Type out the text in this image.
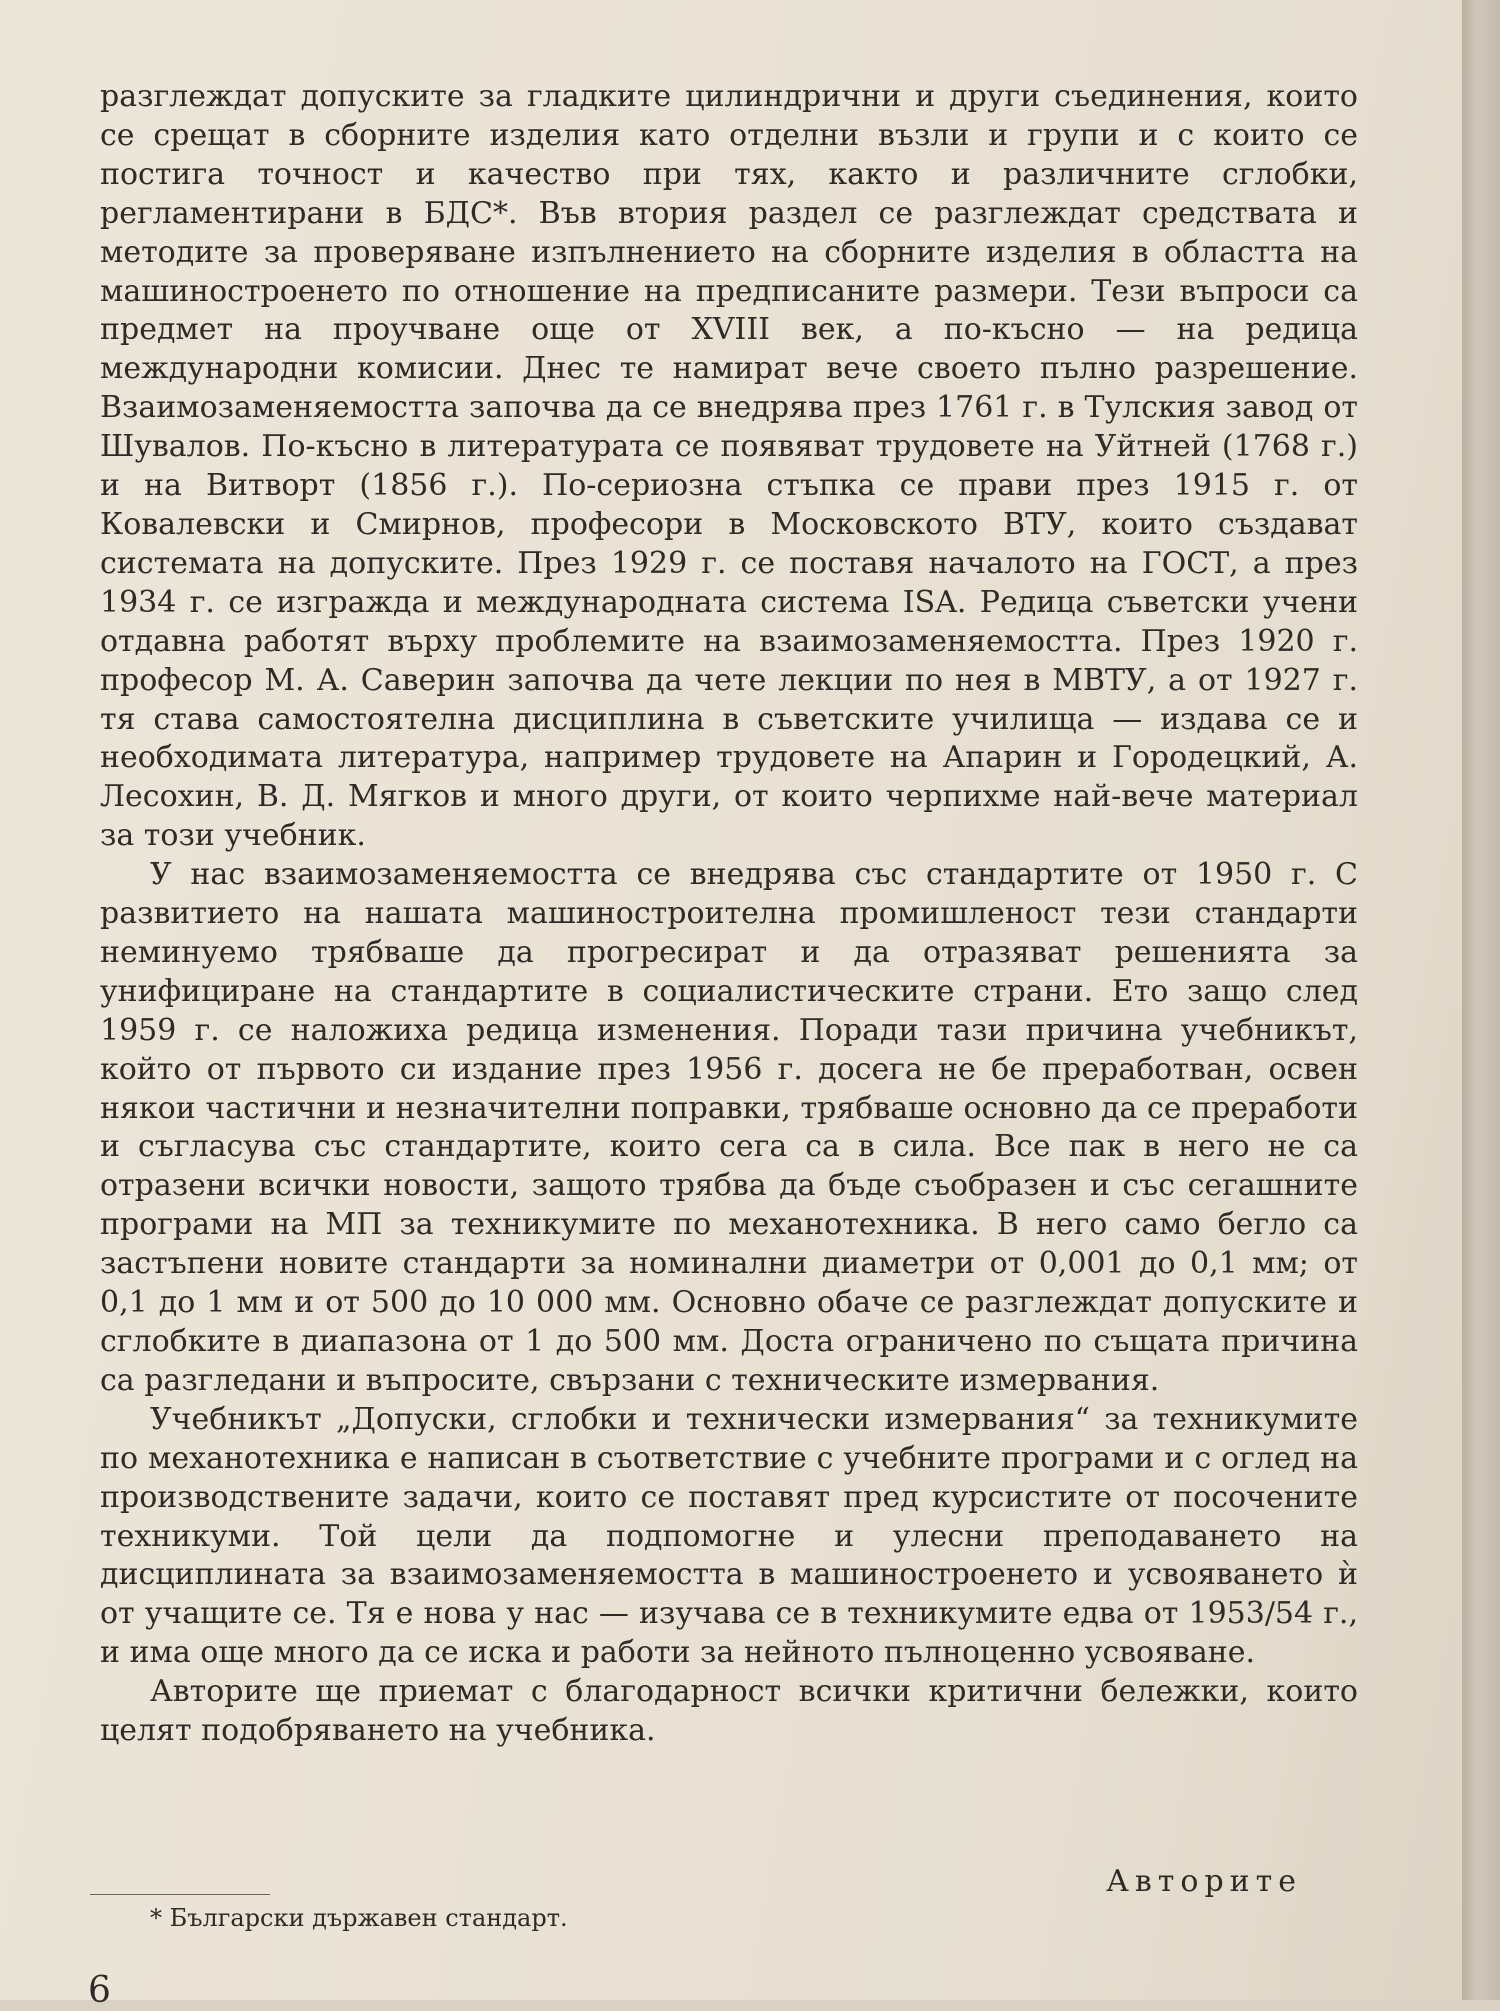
разглеждат допуските за гладките цилиндрични и други съединения, които се срещат в сборните изделия като отделни възли и групи и с които се постига точност и качество при тях, както и различните сглобки, регламентирани в БДС*. Във втория раздел се разглеждат средствата и методите за проверяване изпълнението на сборните изделия в областта на машиностроенето по отношение на предписаните размери. Тези въпроси са предмет на проучване още от XVIII век, а по-късно — на редица международни комисии. Днес те намират вече своето пълно разрешение. Взаимозаменяемостта започва да се внедрява през 1761 г. в Тулския завод от Шувалов. По-късно в литературата се появяват трудовете на Уйтней (1768 г.) и на Витворт (1856 г.). По-сериозна стъпка се прави през 1915 г. от Ковалевски и Смирнов, професори в Московското ВТУ, които създават системата на допуските. През 1929 г. се поставя началото на ГОСТ, а през 1934 г. се изгражда и международната система ISA. Редица съветски учени отдавна работят върху проблемите на взаимозаменяемостта. През 1920 г. професор М. А. Саверин започва да чете лекции по нея в МВТУ, а от 1927 г. тя става самостоятелна дисциплина в съветските училища — издава се и необходимата литература, например трудовете на Апарин и Городецкий, А. Лесохин, В. Д. Мягков и много други, от които черпихме най-вече материал за този учебник.

У нас взаимозаменяемостта се внедрява със стандартите от 1950 г. С развитието на нашата машиностроителна промишленост тези стандарти неминуемо трябваше да прогресират и да отразяват решенията за унифициране на стандартите в социалистическите страни. Ето защо след 1959 г. се наложиха редица изменения. Поради тази причина учебникът, който от първото си издание през 1956 г. досега не бе преработван, освен някои частични и незначителни поправки, трябваше основно да се преработи и съгласува със стандартите, които сега са в сила. Все пак в него не са отразени всички новости, защото трябва да бъде съобразен и със сегашните програми на МП за техникумите по механотехника. В него само бегло са застъпени новите стандарти за номинални диаметри от 0,001 до 0,1 мм; от 0,1 до 1 мм и от 500 до 10 000 мм. Основно обаче се разглеждат допуските и сглобките в диапазона от 1 до 500 мм. Доста ограничено по същата причина са разгледани и въпросите, свързани с техническите измервания.

Учебникът „Допуски, сглобки и технически измервания“ за техникумите по механотехника е написан в съответствие с учебните програми и с оглед на производствените задачи, които се поставят пред курсистите от посочените техникуми. Той цели да подпомогне и улесни преподаването на дисциплината за взаимозаменяемостта в машиностроенето и усвояването ѝ от учащите се. Тя е нова у нас — изучава се в техникумите едва от 1953/54 г., и има още много да се иска и работи за нейното пълноценно усвояване.

Авторите ще приемат с благодарност всички критични бележки, които целят подобряването на учебника.

Авторите
* Български държавен стандарт.
6
